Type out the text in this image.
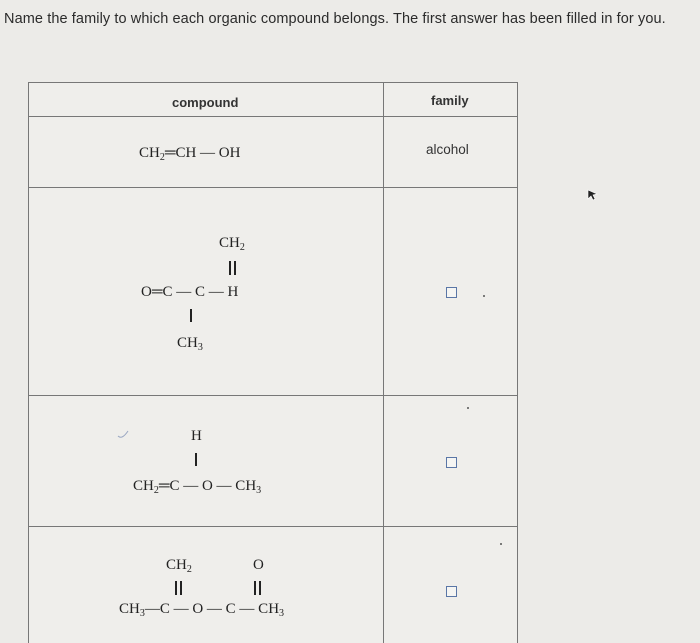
Name the family to which each organic compound belongs. The first answer has been filled in for you.
compound	family
$CH_2═CH$ — OH	alcohol
$CH_2$
O═C — C — H
$CH_3$
H
$CH_2═C$ — O — $CH_3$
$CH_2$	O
$CH_3—C$ — O — C — $CH_3$
